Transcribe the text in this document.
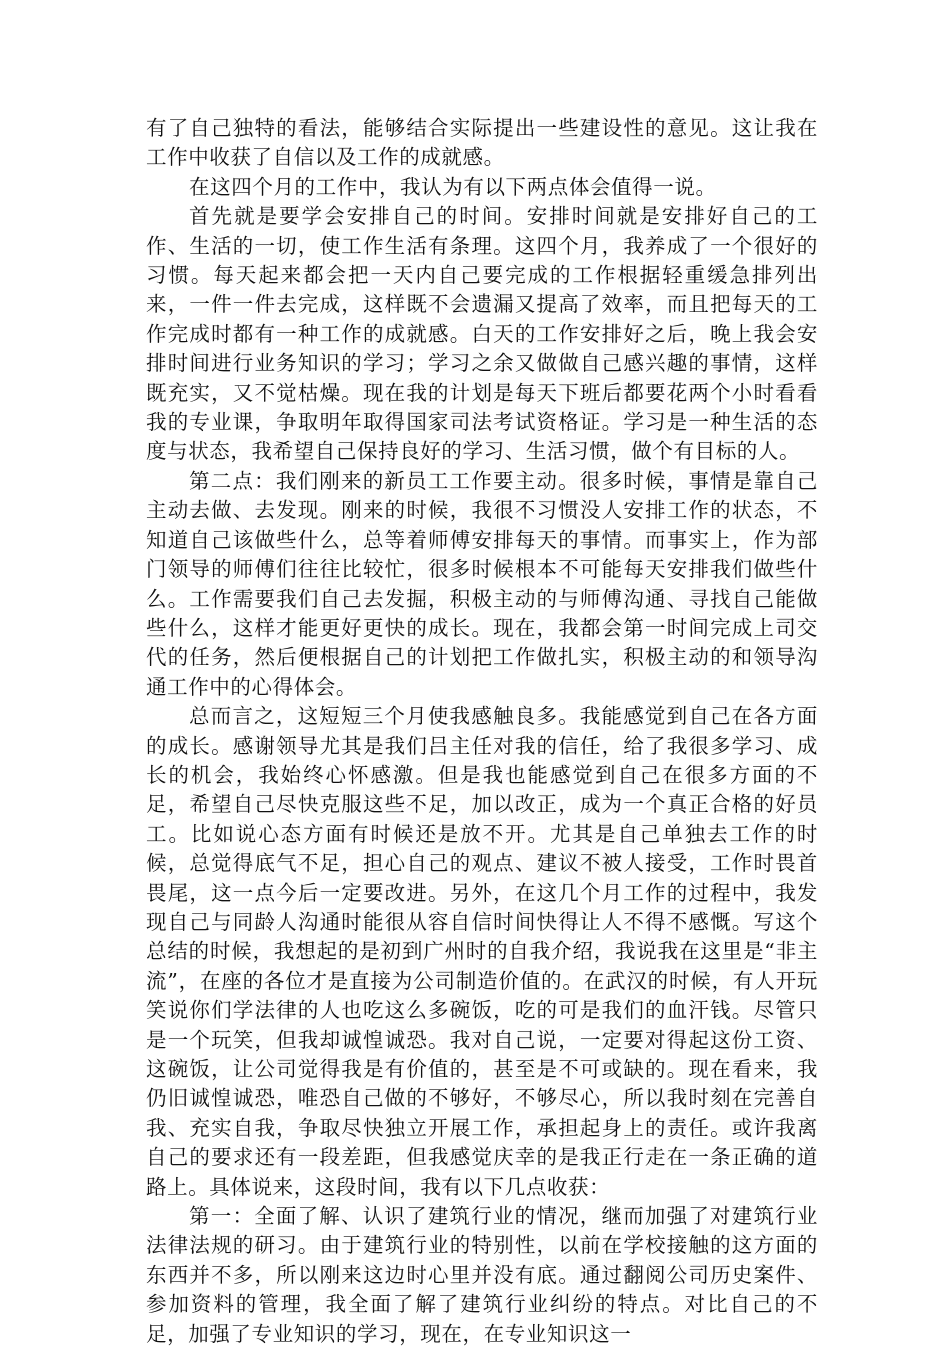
有了自己独特的看法，能够结合实际提出一些建设性的意见。这让我在工作中收获了自信以及工作的成就感。

在这四个月的工作中，我认为有以下两点体会值得一说。

首先就是要学会安排自己的时间。安排时间就是安排好自己的工作、生活的一切，使工作生活有条理。这四个月，我养成了一个很好的习惯。每天起来都会把一天内自己要完成的工作根据轻重缓急排列出来，一件一件去完成，这样既不会遗漏又提高了效率，而且把每天的工作完成时都有一种工作的成就感。白天的工作安排好之后，晚上我会安排时间进行业务知识的学习；学习之余又做做自己感兴趣的事情，这样既充实，又不觉枯燥。现在我的计划是每天下班后都要花两个小时看看我的专业课，争取明年取得国家司法考试资格证。学习是一种生活的态度与状态，我希望自己保持良好的学习、生活习惯，做个有目标的人。

第二点：我们刚来的新员工工作要主动。很多时候，事情是靠自己主动去做、去发现。刚来的时候，我很不习惯没人安排工作的状态，不知道自己该做些什么，总等着师傅安排每天的事情。而事实上，作为部门领导的师傅们往往比较忙，很多时候根本不可能每天安排我们做些什么。工作需要我们自己去发掘，积极主动的与师傅沟通、寻找自己能做些什么，这样才能更好更快的成长。现在，我都会第一时间完成上司交代的任务，然后便根据自己的计划把工作做扎实，积极主动的和领导沟通工作中的心得体会。

总而言之，这短短三个月使我感触良多。我能感觉到自己在各方面的成长。感谢领导尤其是我们吕主任对我的信任，给了我很多学习、成长的机会，我始终心怀感激。但是我也能感觉到自己在很多方面的不足，希望自己尽快克服这些不足，加以改正，成为一个真正合格的好员工。比如说心态方面有时候还是放不开。尤其是自己单独去工作的时候，总觉得底气不足，担心自己的观点、建议不被人接受，工作时畏首畏尾，这一点今后一定要改进。另外，在这几个月工作的过程中，我发现自己与同龄人沟通时能很从容自信时间快得让人不得不感慨。写这个总结的时候，我想起的是初到广州时的自我介绍，我说我在这里是“非主流”，在座的各位才是直接为公司制造价值的。在武汉的时候，有人开玩笑说你们学法律的人也吃这么多碗饭，吃的可是我们的血汗钱。尽管只是一个玩笑，但我却诚惶诚恐。我对自己说，一定要对得起这份工资、这碗饭，让公司觉得我是有价值的，甚至是不可或缺的。现在看来，我仍旧诚惶诚恐，唯恐自己做的不够好，不够尽心，所以我时刻在完善自我、充实自我，争取尽快独立开展工作，承担起身上的责任。或许我离自己的要求还有一段差距，但我感觉庆幸的是我正行走在一条正确的道路上。具体说来，这段时间，我有以下几点收获：

第一：全面了解、认识了建筑行业的情况，继而加强了对建筑行业法律法规的研习。由于建筑行业的特别性，以前在学校接触的这方面的东西并不多，所以刚来这边时心里并没有底。通过翻阅公司历史案件、参加资料的管理，我全面了解了建筑行业纠纷的特点。对比自己的不足，加强了专业知识的学习，现在，在专业知识这一
